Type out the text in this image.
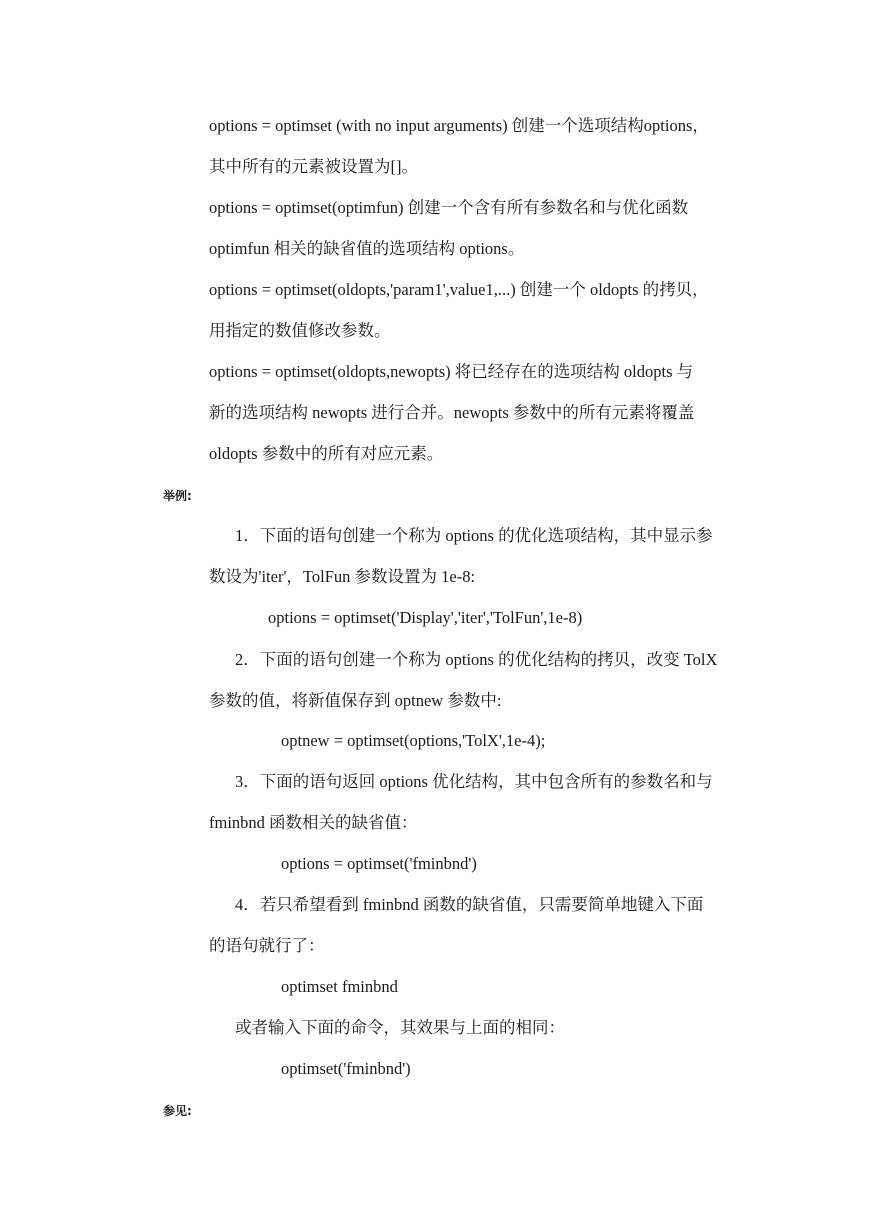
options = optimset (with no input arguments) 创建一个选项结构options，
其中所有的元素被设置为[]。
options = optimset(optimfun) 创建一个含有所有参数名和与优化函数
optimfun 相关的缺省值的选项结构 options。
options = optimset(oldopts,'param1',value1,...) 创建一个 oldopts 的拷贝，
用指定的数值修改参数。
options = optimset(oldopts,newopts) 将已经存在的选项结构 oldopts 与
新的选项结构 newopts 进行合并。newopts 参数中的所有元素将覆盖
oldopts 参数中的所有对应元素。
举例:
1．下面的语句创建一个称为 options 的优化选项结构，其中显示参
数设为'iter'，TolFun 参数设置为 1e-8:
options = optimset('Display','iter','TolFun',1e-8)
2．下面的语句创建一个称为 options 的优化结构的拷贝，改变 TolX
参数的值，将新值保存到 optnew 参数中:
optnew = optimset(options,'TolX',1e-4);
3．下面的语句返回 options 优化结构，其中包含所有的参数名和与
fminbnd 函数相关的缺省值：
options = optimset('fminbnd')
4．若只希望看到 fminbnd 函数的缺省值，只需要简单地键入下面
的语句就行了：
optimset fminbnd
或者输入下面的命令，其效果与上面的相同：
optimset('fminbnd')
参见:
